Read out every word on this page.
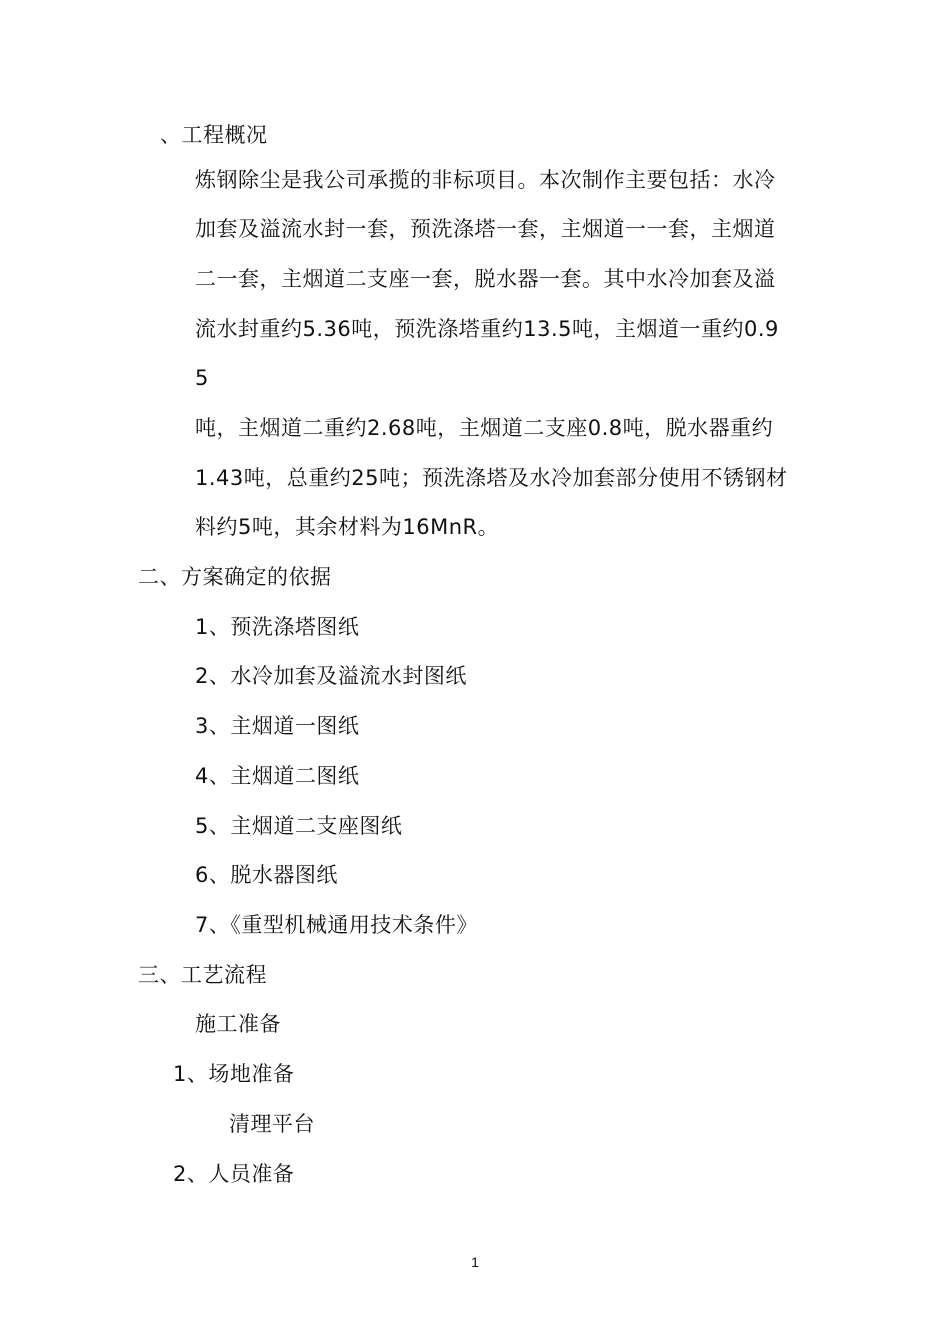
、工程概况
炼钢除尘是我公司承揽的非标项目。本次制作主要包括：水冷
加套及溢流水封一套，预洗涤塔一套，主烟道一一套，主烟道
二一套，主烟道二支座一套，脱水器一套。其中水冷加套及溢
流水封重约5.36吨，预洗涤塔重约13.5吨，主烟道一重约0.9
5
吨，主烟道二重约2.68吨，主烟道二支座0.8吨，脱水器重约
1.43吨，总重约25吨；预洗涤塔及水冷加套部分使用不锈钢材
料约5吨，其余材料为16MnR。
二、方案确定的依据
1、预洗涤塔图纸
2、水冷加套及溢流水封图纸
3、主烟道一图纸
4、主烟道二图纸
5、主烟道二支座图纸
6、脱水器图纸
7、《重型机械通用技术条件》
三、工艺流程
施工准备
1、场地准备
清理平台
2、人员准备
1
